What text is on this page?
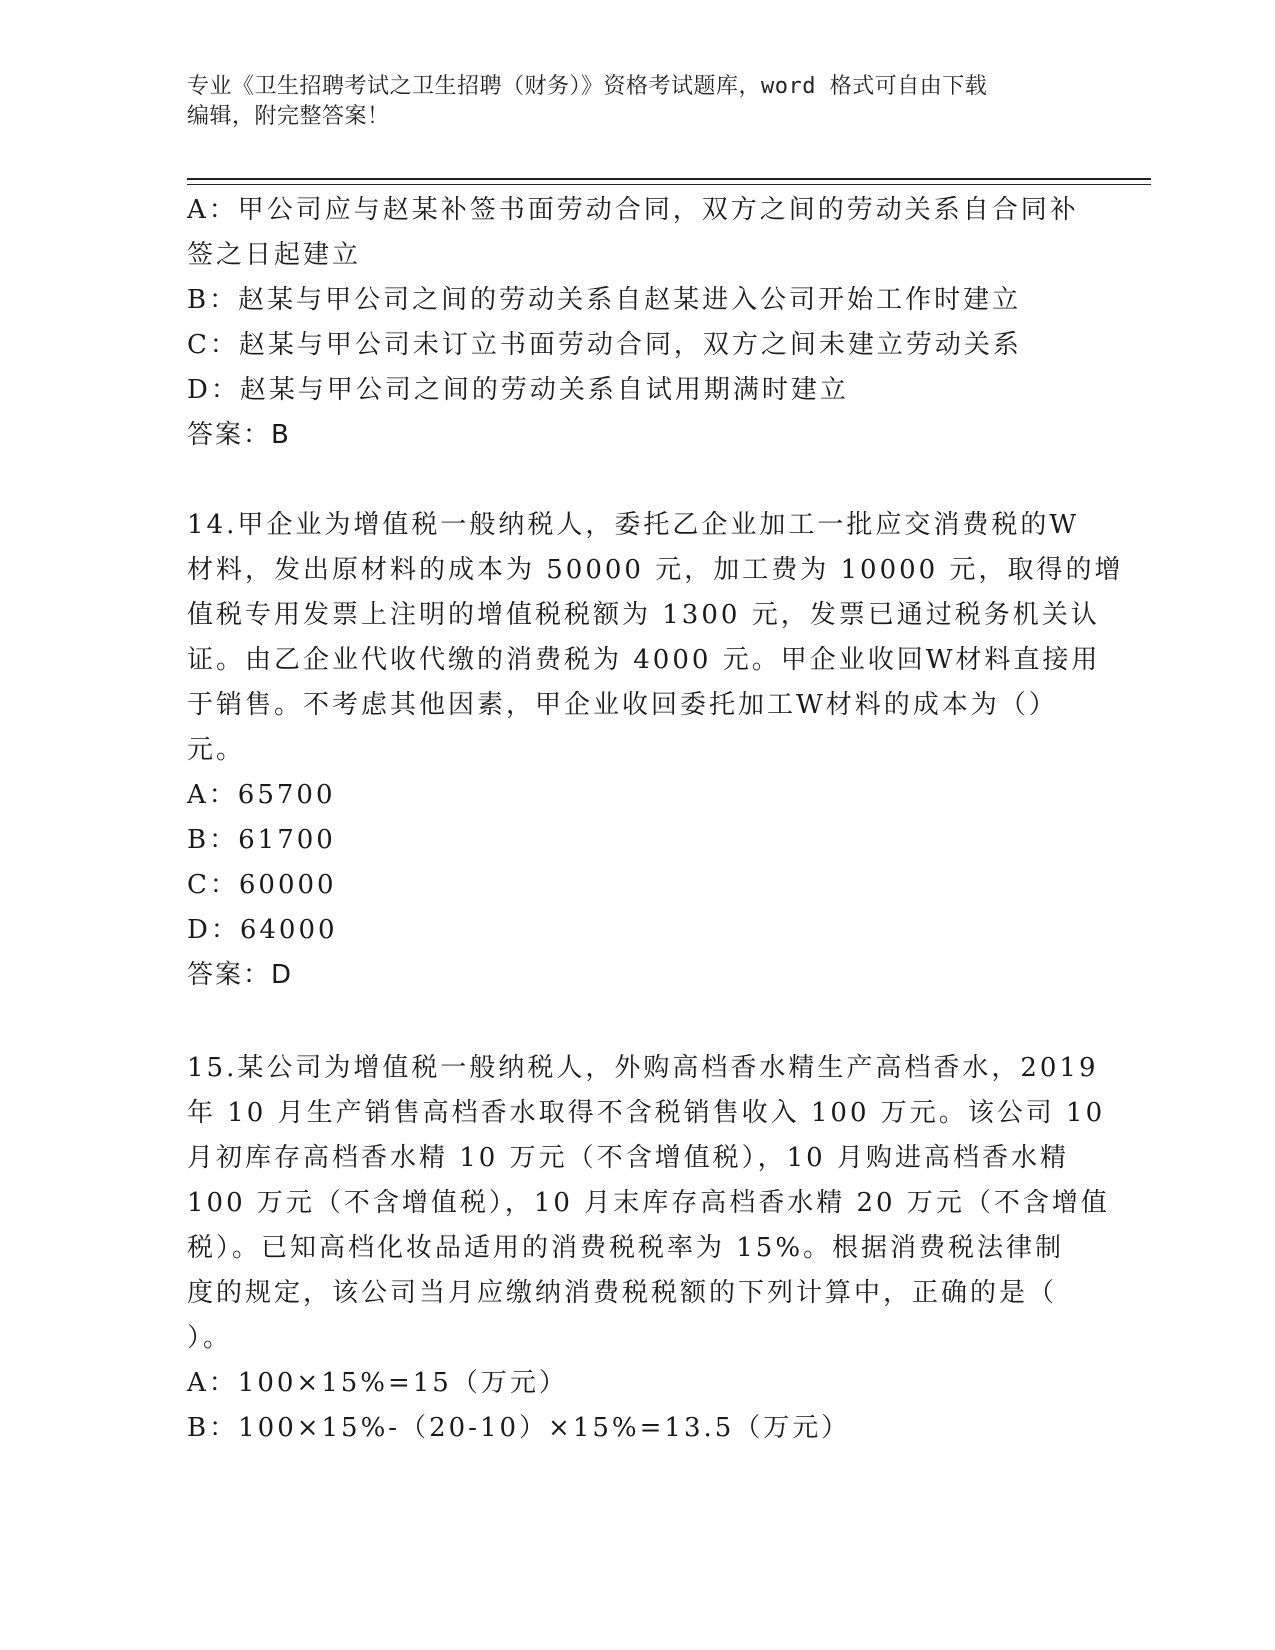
专业《卫生招聘考试之卫生招聘（财务）》资格考试题库，word 格式可自由下载
编辑，附完整答案！
A：甲公司应与赵某补签书面劳动合同，双方之间的劳动关系自合同补
签之日起建立
B：赵某与甲公司之间的劳动关系自赵某进入公司开始工作时建立
C：赵某与甲公司未订立书面劳动合同，双方之间未建立劳动关系
D：赵某与甲公司之间的劳动关系自试用期满时建立
答案：B
14.甲企业为增值税一般纳税人，委托乙企业加工一批应交消费税的W
材料，发出原材料的成本为 50000 元，加工费为 10000 元，取得的增
值税专用发票上注明的增值税税额为 1300 元，发票已通过税务机关认
证。由乙企业代收代缴的消费税为 4000 元。甲企业收回W材料直接用
于销售。不考虑其他因素，甲企业收回委托加工W材料的成本为（）
元。
A：65700
B：61700
C：60000
D：64000
答案：D
15.某公司为增值税一般纳税人，外购高档香水精生产高档香水，2019
年 10 月生产销售高档香水取得不含税销售收入 100 万元。该公司 10
月初库存高档香水精 10 万元（不含增值税），10 月购进高档香水精
100 万元（不含增值税），10 月末库存高档香水精 20 万元（不含增值
税）。已知高档化妆品适用的消费税税率为 15%。根据消费税法律制
度的规定，该公司当月应缴纳消费税税额的下列计算中，正确的是（
）。
A：100×15%=15（万元）
B：100×15%-（20-10）×15%=13.5（万元）
